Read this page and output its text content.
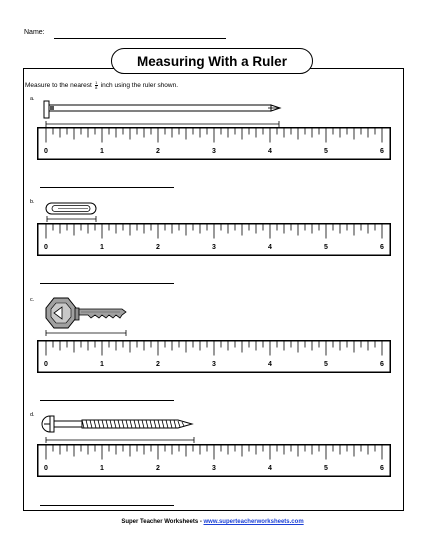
Name:
Measuring With a Ruler
Measure to the nearest $\frac{1}{8}$ inch using the ruler shown.
a.
0	1	2	3	4	5	6
b.
0	1	2	3	4	5	6
c.
0	1	2	3	4	5	6
d.
0	1	2	3	4	5	6
Super Teacher Worksheets - www.superteacherworksheets.com
